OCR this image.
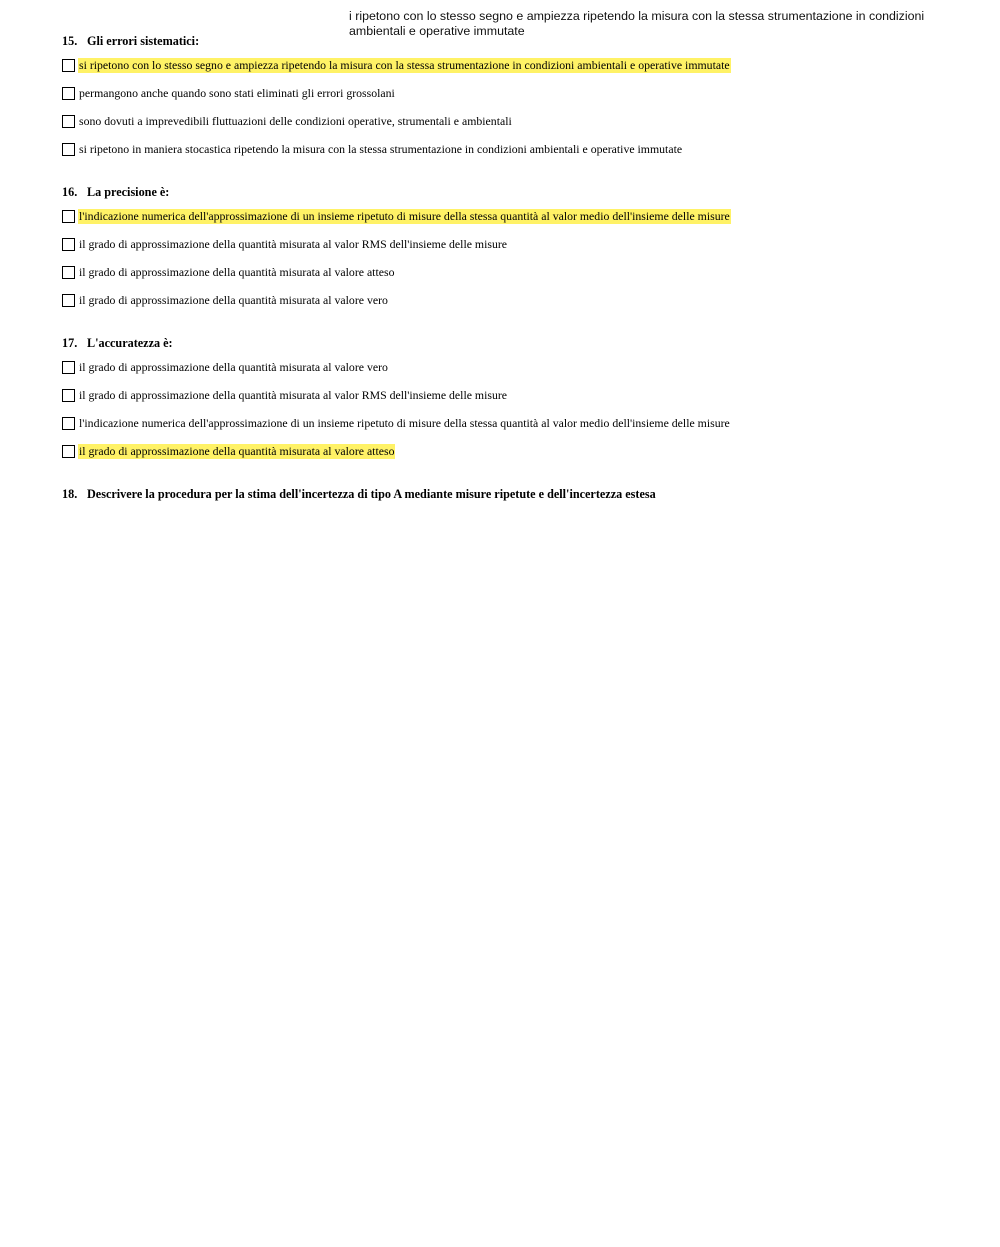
i ripetono con lo stesso segno e ampiezza ripetendo la misura con la stessa strumentazione in condizioni
ambientali e operative immutate
15. Gli errori sistematici:
si ripetono con lo stesso segno e ampiezza ripetendo la misura con la stessa strumentazione in condizioni ambientali e operative immutate
permangono anche quando sono stati eliminati gli errori grossolani
sono dovuti a imprevedibili fluttuazioni delle condizioni operative, strumentali e ambientali
si ripetono in maniera stocastica ripetendo la misura con la stessa strumentazione in condizioni ambientali e operative immutate
16. La precisione è:
l'indicazione numerica dell'approssimazione di un insieme ripetuto di misure della stessa quantità al valor medio dell'insieme delle misure
il grado di approssimazione della quantità misurata al valor RMS dell'insieme delle misure
il grado di approssimazione della quantità misurata al valore atteso
il grado di approssimazione della quantità misurata al valore vero
17. L'accuratezza è:
il grado di approssimazione della quantità misurata al valore vero
il grado di approssimazione della quantità misurata al valor RMS dell'insieme delle misure
l'indicazione numerica dell'approssimazione di un insieme ripetuto di misure della stessa quantità al valor medio dell'insieme delle misure
il grado di approssimazione della quantità misurata al valore atteso
18. Descrivere la procedura per la stima dell'incertezza di tipo A mediante misure ripetute e dell'incertezza estesa
